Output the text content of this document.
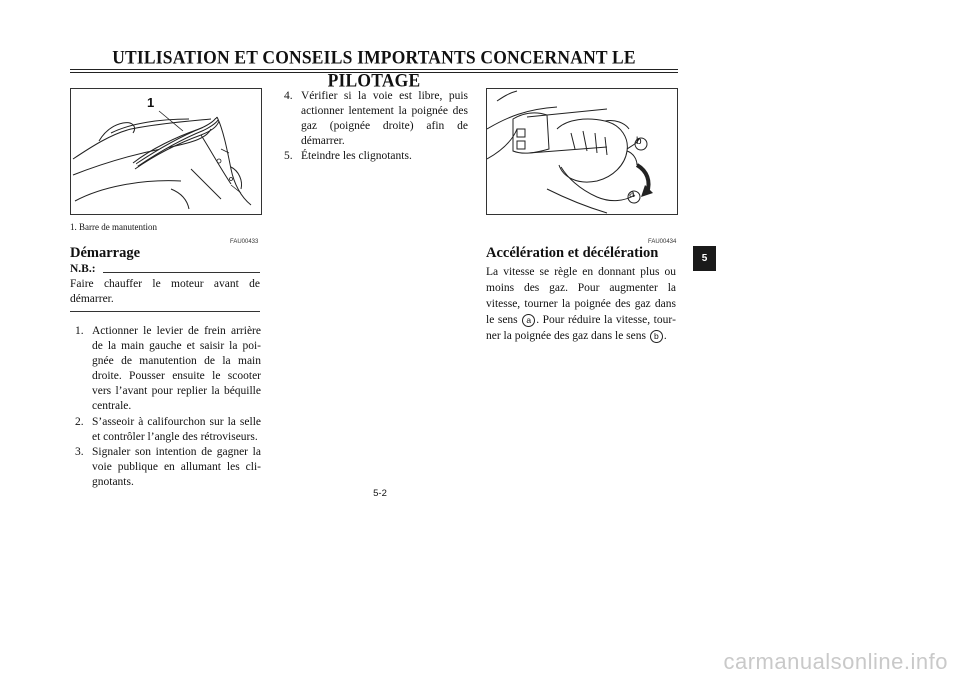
UTILISATION ET CONSEILS IMPORTANTS CONCERNANT LE PILOTAGE
1
1. Barre de manutention
FAU00433
Démarrage
N.B.:
Faire chauffer le moteur avant de démarrer.
1. Actionner le levier de frein arrière de la main gauche et saisir la poignée de manutention de la main droite. Pousser ensuite le scooter vers l’avant pour replier la béquille centrale.
2. S’asseoir à califourchon sur la selle et contrôler l’angle des rétroviseurs.
3. Signaler son intention de gagner la voie publique en allumant les clignotants.
4. Vérifier si la voie est libre, puis actionner lentement la poignée des gaz (poignée droite) afin de démarrer.
5. Éteindre les clignotants.
b
a
FAU00434
Accélération et décélération
La vitesse se règle en donnant plus ou moins des gaz. Pour augmenter la vitesse, tourner la poignée des gaz dans le sens a . Pour réduire la vitesse, tourner la poignée des gaz dans le sens b .
5
5-2
carmanualsonline.info
